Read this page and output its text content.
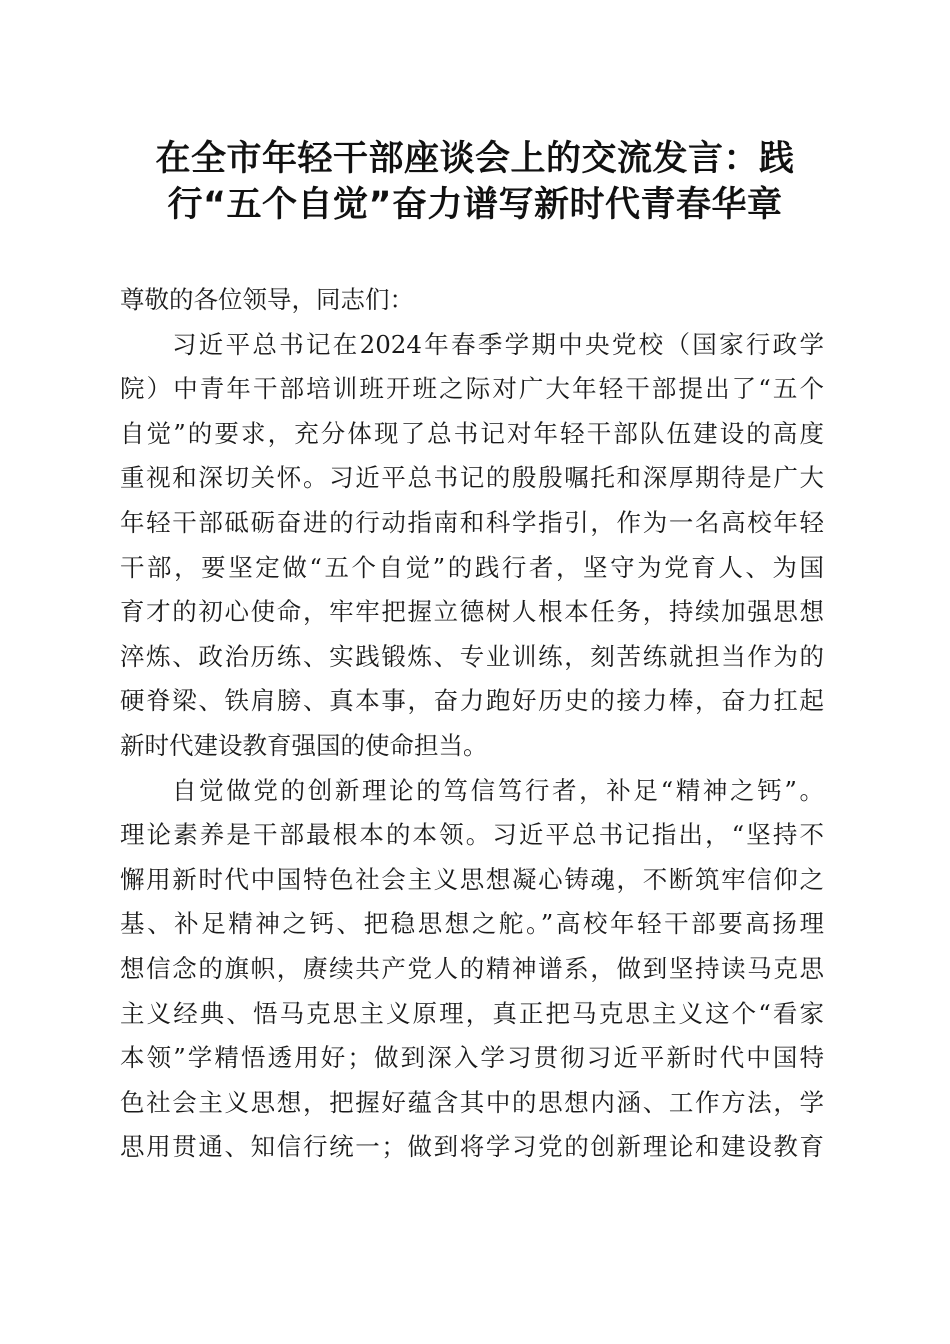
在全市年轻干部座谈会上的交流发言：践
行“五个自觉”奋力谱写新时代青春华章
尊敬的各位领导，同志们：
习近平总书记在2024年春季学期中央党校（国家行政学
院）中青年干部培训班开班之际对广大年轻干部提出了“五个
自觉”的要求，充分体现了总书记对年轻干部队伍建设的高度
重视和深切关怀。习近平总书记的殷殷嘱托和深厚期待是广大
年轻干部砥砺奋进的行动指南和科学指引，作为一名高校年轻
干部，要坚定做“五个自觉”的践行者，坚守为党育人、为国
育才的初心使命，牢牢把握立德树人根本任务，持续加强思想
淬炼、政治历练、实践锻炼、专业训练，刻苦练就担当作为的
硬脊梁、铁肩膀、真本事，奋力跑好历史的接力棒，奋力扛起
新时代建设教育强国的使命担当。
自觉做党的创新理论的笃信笃行者，补足“精神之钙”。
理论素养是干部最根本的本领。习近平总书记指出，“坚持不
懈用新时代中国特色社会主义思想凝心铸魂，不断筑牢信仰之
基、补足精神之钙、把稳思想之舵。”高校年轻干部要高扬理
想信念的旗帜，赓续共产党人的精神谱系，做到坚持读马克思
主义经典、悟马克思主义原理，真正把马克思主义这个“看家
本领”学精悟透用好；做到深入学习贯彻习近平新时代中国特
色社会主义思想，把握好蕴含其中的思想内涵、工作方法，学
思用贯通、知信行统一；做到将学习党的创新理论和建设教育
